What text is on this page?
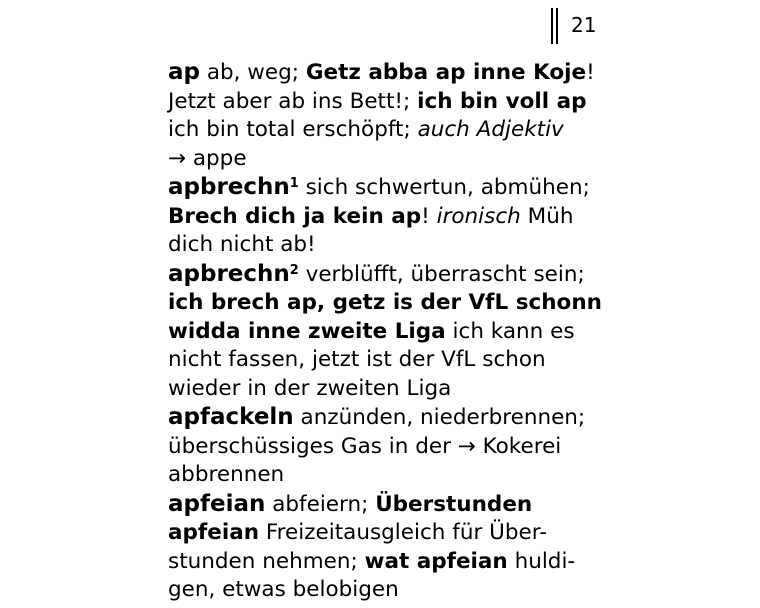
21
ap ab, weg; Getz abba ap inne Koje!
Jetzt aber ab ins Bett!; ich bin voll ap
ich bin total erschöpft; auch Adjektiv
→ appe
apbrechn$^1$ sich schwertun, abmühen;
Brech dich ja kein ap! ironisch Müh
dich nicht ab!
apbrechn$^2$ verblüfft, überrascht sein;
ich brech ap, getz is der VfL schonn
widda inne zweite Liga ich kann es
nicht fassen, jetzt ist der VfL schon
wieder in der zweiten Liga
apfackeln anzünden, niederbrennen;
überschüssiges Gas in der → Kokerei
abbrennen
apfeian abfeiern; Überstunden
apfeian Freizeitausgleich für Über-
stunden nehmen; wat apfeian huldi-
gen, etwas belobigen
